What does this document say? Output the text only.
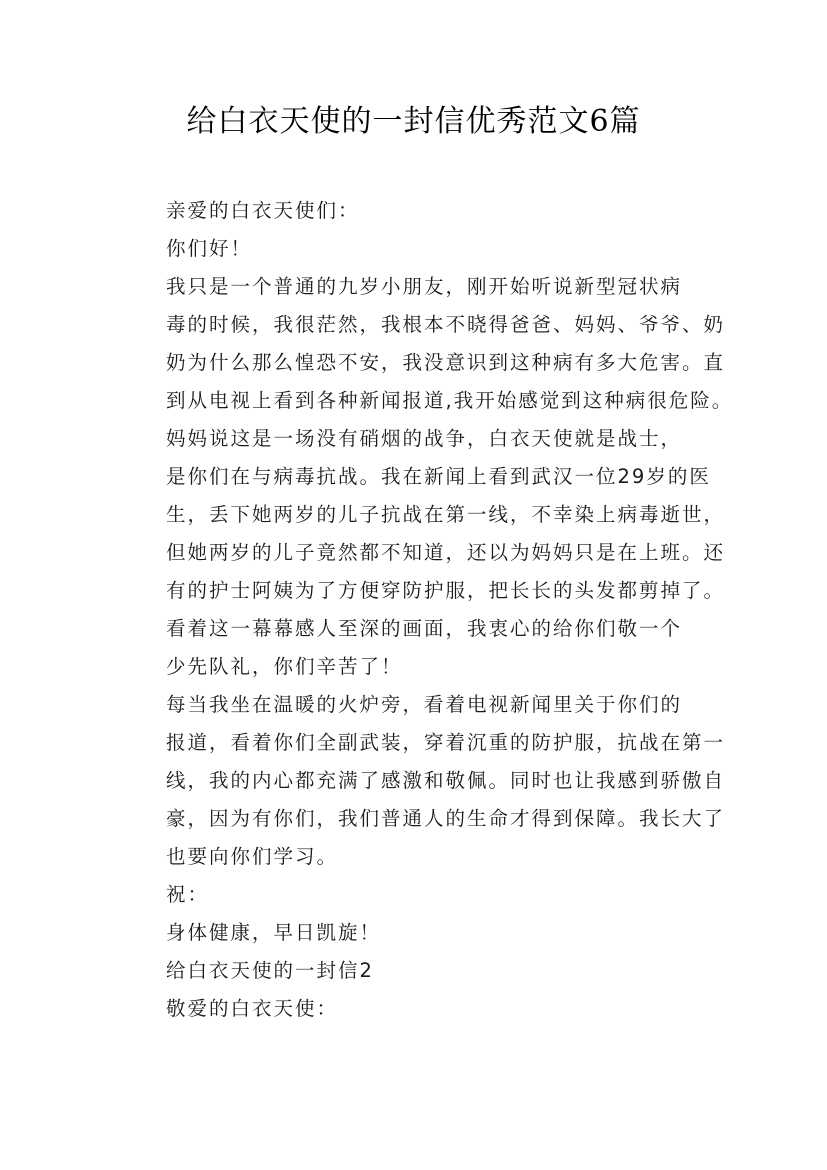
给白衣天使的一封信优秀范文6篇

亲爱的白衣天使们：

你们好！

我只是一个普通的九岁小朋友，刚开始听说新型冠状病
毒的时候，我很茫然，我根本不晓得爸爸、妈妈、爷爷、奶
奶为什么那么惶恐不安，我没意识到这种病有多大危害。直
到从电视上看到各种新闻报道,我开始感觉到这种病很危险。

妈妈说这是一场没有硝烟的战争，白衣天使就是战士，
是你们在与病毒抗战。我在新闻上看到武汉一位29岁的医
生，丢下她两岁的儿子抗战在第一线，不幸染上病毒逝世，
但她两岁的儿子竟然都不知道，还以为妈妈只是在上班。还
有的护士阿姨为了方便穿防护服，把长长的头发都剪掉了。

看着这一幕幕感人至深的画面，我衷心的给你们敬一个
少先队礼，你们辛苦了！

每当我坐在温暖的火炉旁，看着电视新闻里关于你们的
报道，看着你们全副武装，穿着沉重的防护服，抗战在第一
线，我的内心都充满了感激和敬佩。同时也让我感到骄傲自
豪，因为有你们，我们普通人的生命才得到保障。我长大了
也要向你们学习。

祝：

身体健康，早日凯旋！

给白衣天使的一封信2

敬爱的白衣天使：
